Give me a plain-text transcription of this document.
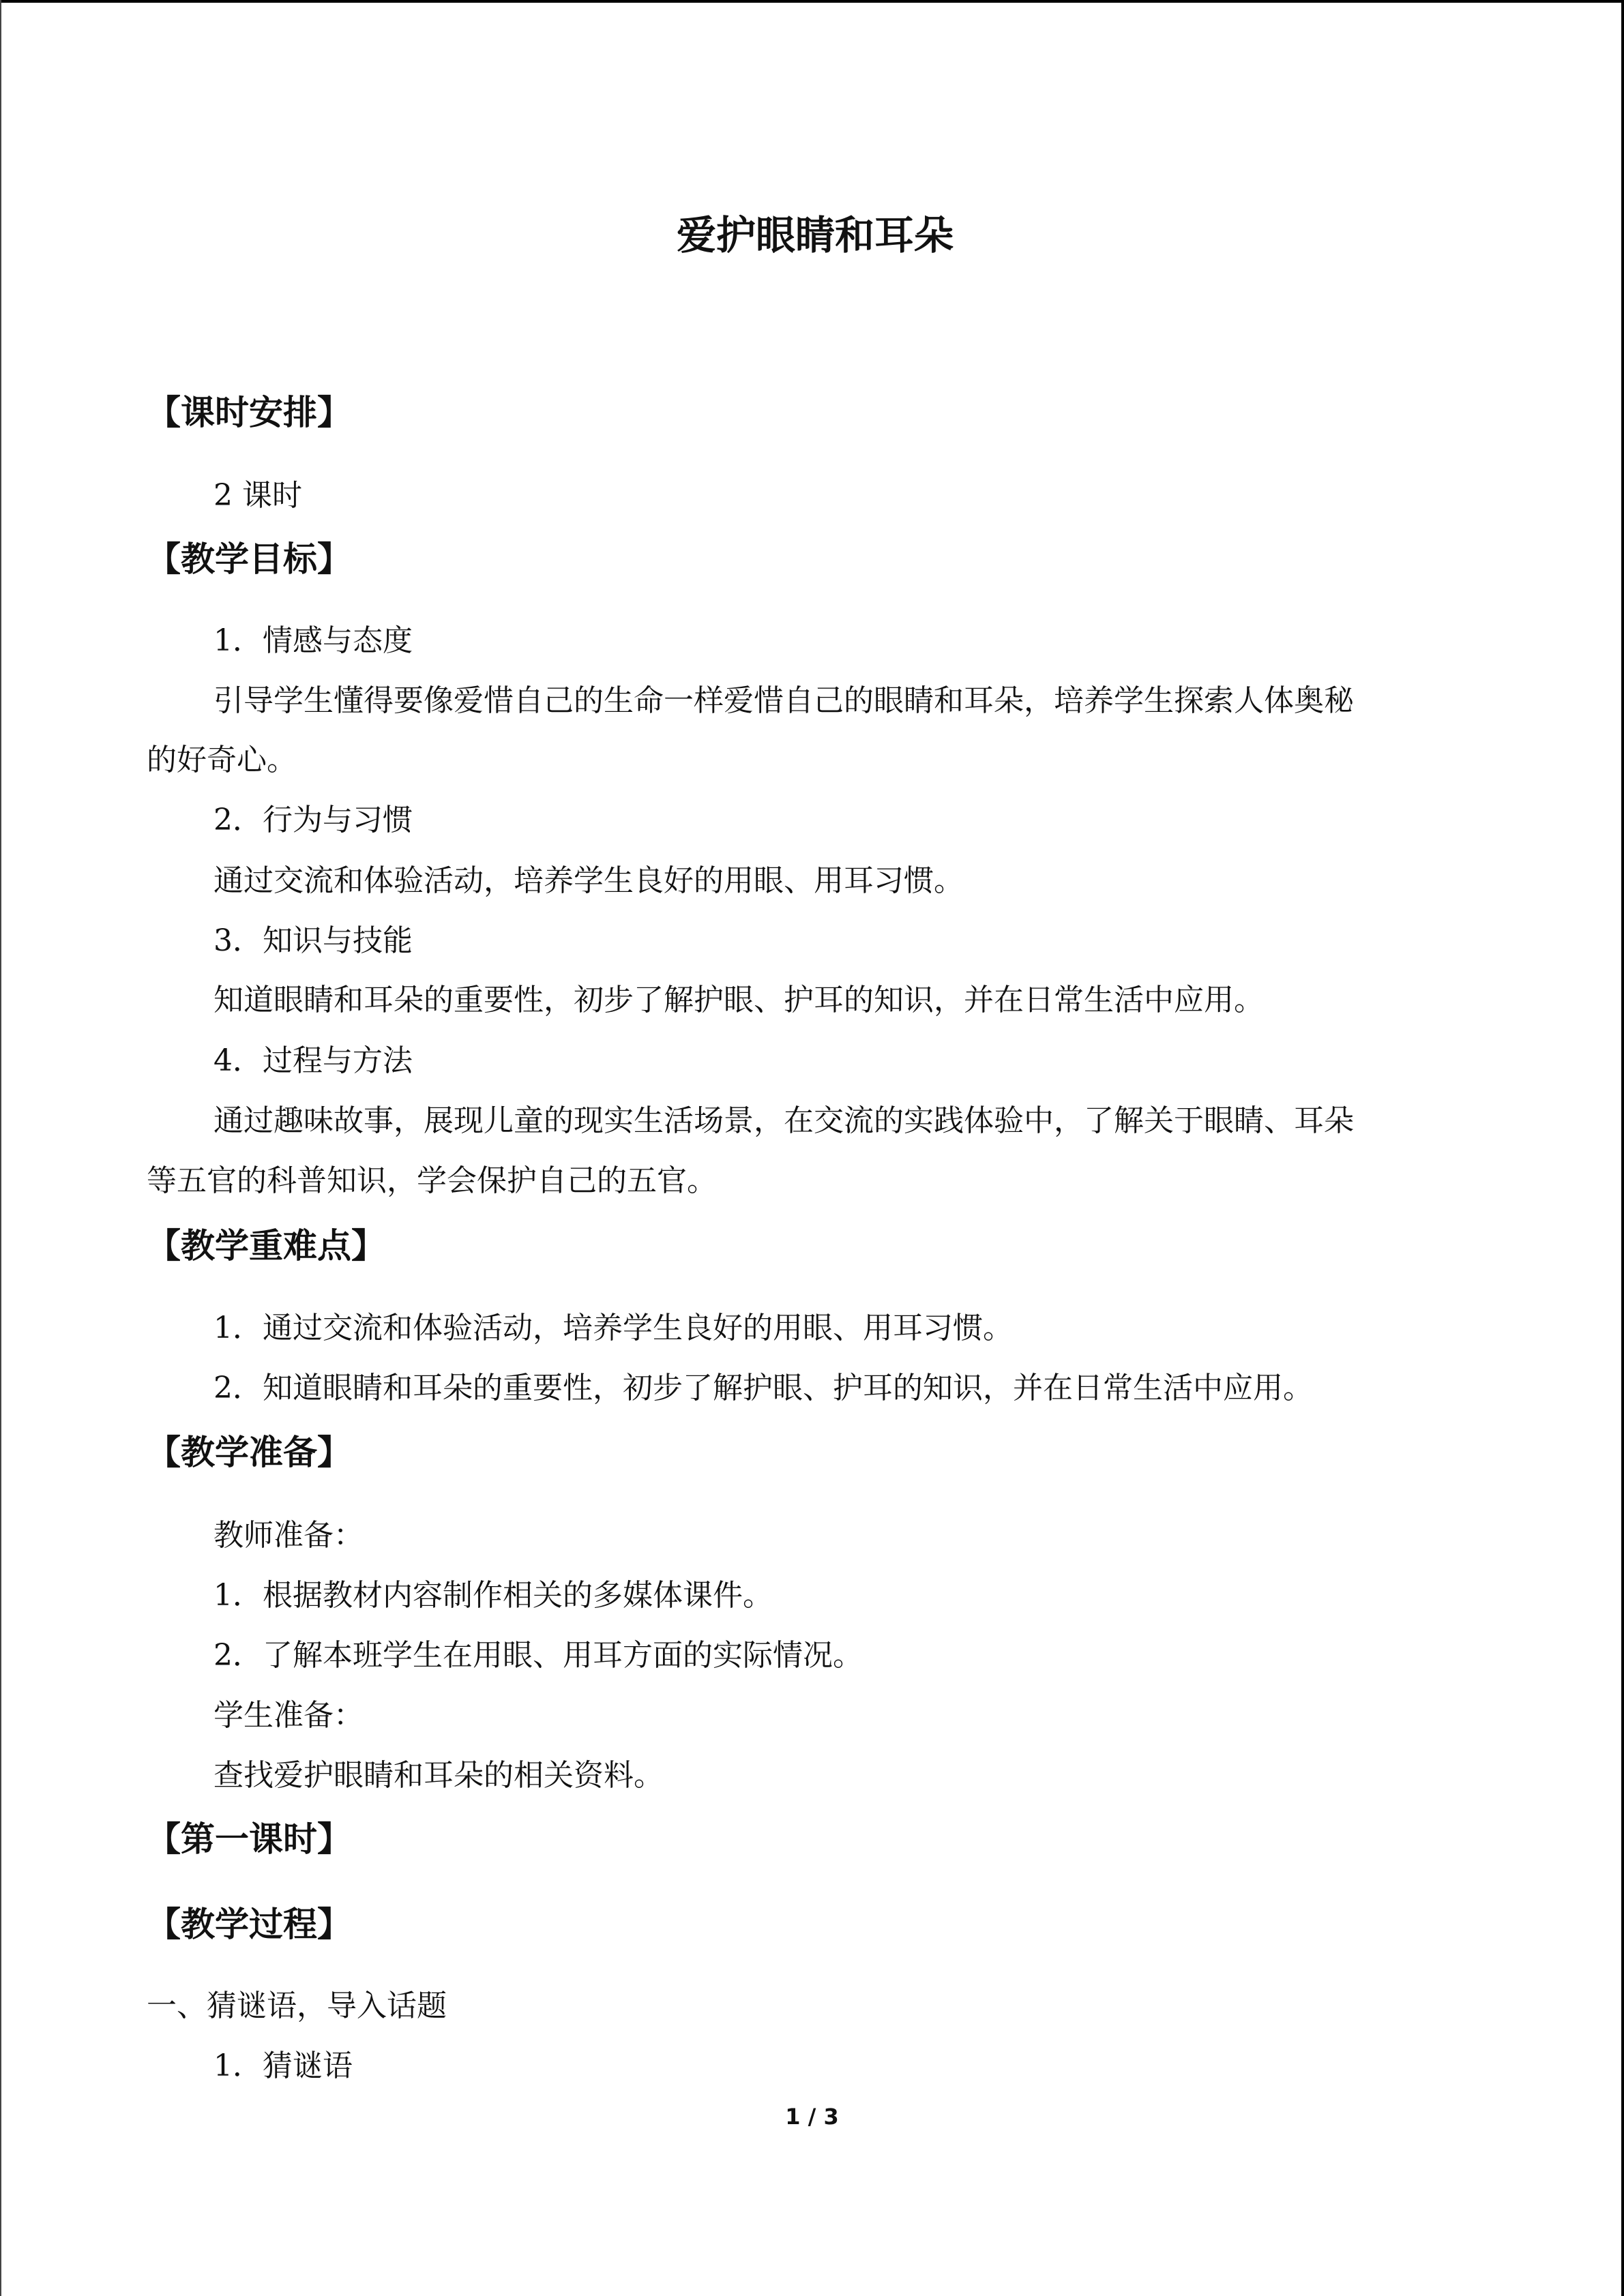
爱护眼睛和耳朵
【课时安排】

2 课时

【教学目标】

1．情感与态度

引导学生懂得要像爱惜自己的生命一样爱惜自己的眼睛和耳朵，培养学生探索人体奥秘

的好奇心。

2．行为与习惯

通过交流和体验活动，培养学生良好的用眼、用耳习惯。

3．知识与技能

知道眼睛和耳朵的重要性，初步了解护眼、护耳的知识，并在日常生活中应用。

4．过程与方法

通过趣味故事，展现儿童的现实生活场景，在交流的实践体验中，了解关于眼睛、耳朵

等五官的科普知识，学会保护自己的五官。

【教学重难点】

1．通过交流和体验活动，培养学生良好的用眼、用耳习惯。

2．知道眼睛和耳朵的重要性，初步了解护眼、护耳的知识，并在日常生活中应用。

【教学准备】

教师准备：

1．根据教材内容制作相关的多媒体课件。

2．了解本班学生在用眼、用耳方面的实际情况。

学生准备：

查找爱护眼睛和耳朵的相关资料。

【第一课时】
【教学过程】

一、猜谜语，导入话题

1．猜谜语

1 / 3
